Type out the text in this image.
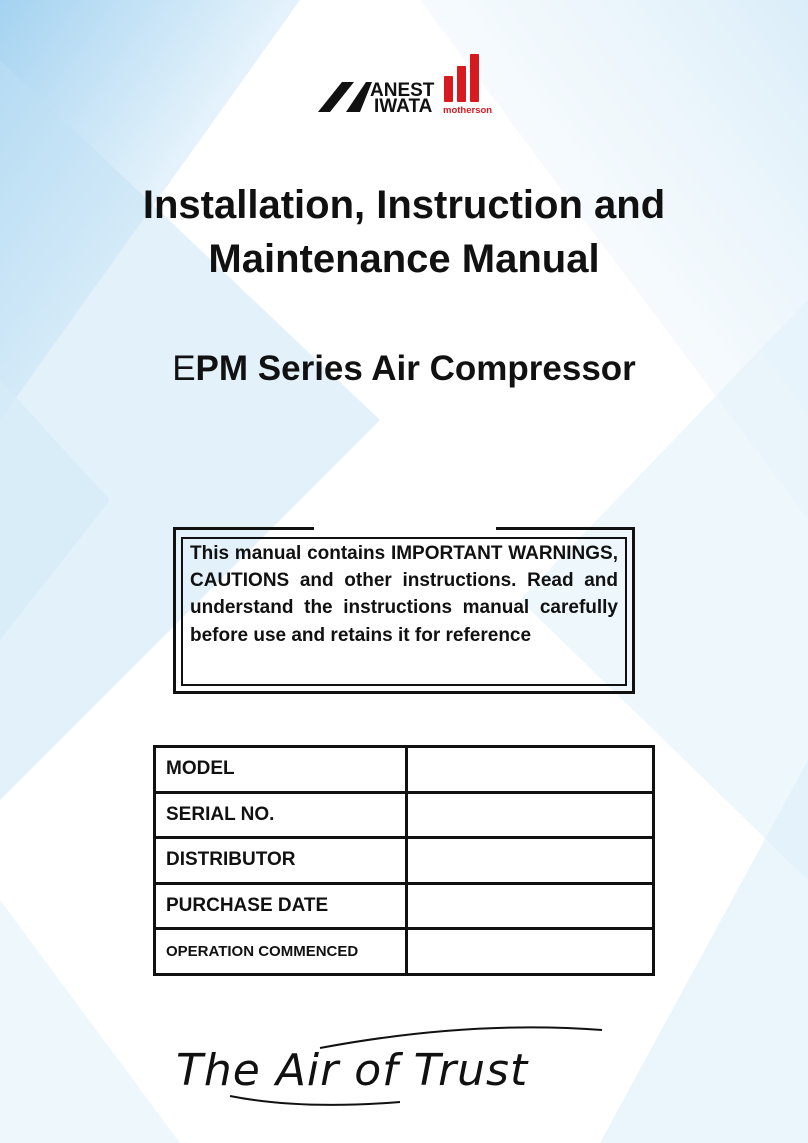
ANEST
IWATA motherson
Installation, Instruction and
Maintenance Manual
EPM Series Air Compressor

This manual contains IMPORTANT WARNINGS, CAUTIONS and other instructions. Read and understand the instructions manual carefully before use and retains it for reference

MODEL	
SERIAL NO.	
DISTRIBUTOR	
PURCHASE DATE	
OPERATION COMMENCED	

The Air of Trust
